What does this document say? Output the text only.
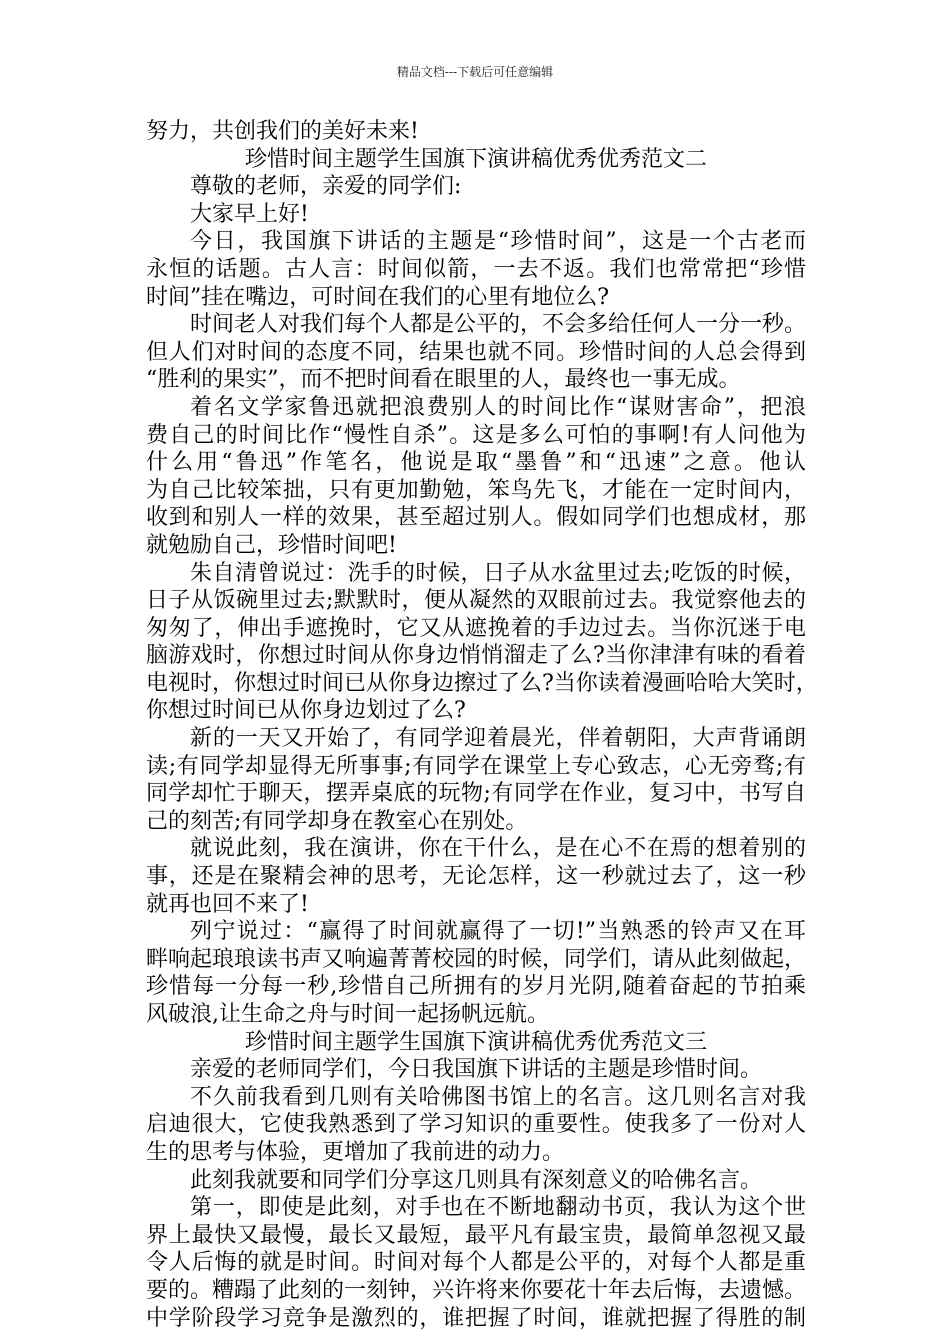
精品文档---下载后可任意编辑
努力，共创我们的美好未来!
珍惜时间主题学生国旗下演讲稿优秀优秀范文二
尊敬的老师，亲爱的同学们:
大家早上好!
今日，我国旗下讲话的主题是“珍惜时间”，这是一个古老而
永恒的话题。古人言：时间似箭，一去不返。我们也常常把“珍惜
时间”挂在嘴边，可时间在我们的心里有地位么?
时间老人对我们每个人都是公平的，不会多给任何人一分一秒。
但人们对时间的态度不同，结果也就不同。珍惜时间的人总会得到
“胜利的果实”，而不把时间看在眼里的人，最终也一事无成。
着名文学家鲁迅就把浪费别人的时间比作“谋财害命”，把浪
费自己的时间比作“慢性自杀”。这是多么可怕的事啊!有人问他为
什么用“鲁迅”作笔名，他说是取“墨鲁”和“迅速”之意。他认
为自己比较笨拙，只有更加勤勉，笨鸟先飞，才能在一定时间内，
收到和别人一样的效果，甚至超过别人。假如同学们也想成材，那
就勉励自己，珍惜时间吧!
朱自清曾说过：洗手的时候，日子从水盆里过去;吃饭的时候，
日子从饭碗里过去;默默时，便从凝然的双眼前过去。我觉察他去的
匆匆了，伸出手遮挽时，它又从遮挽着的手边过去。当你沉迷于电
脑游戏时，你想过时间从你身边悄悄溜走了么?当你津津有味的看着
电视时，你想过时间已从你身边擦过了么?当你读着漫画哈哈大笑时，
你想过时间已从你身边划过了么?
新的一天又开始了，有同学迎着晨光，伴着朝阳，大声背诵朗
读;有同学却显得无所事事;有同学在课堂上专心致志，心无旁骛;有
同学却忙于聊天，摆弄桌底的玩物;有同学在作业，复习中，书写自
己的刻苦;有同学却身在教室心在别处。
就说此刻，我在演讲，你在干什么，是在心不在焉的想着别的
事，还是在聚精会神的思考，无论怎样，这一秒就过去了，这一秒
就再也回不来了!
列宁说过：“赢得了时间就赢得了一切!”当熟悉的铃声又在耳
畔响起琅琅读书声又响遍菁菁校园的时候，同学们，请从此刻做起，
珍惜每一分每一秒,珍惜自己所拥有的岁月光阴,随着奋起的节拍乘
风破浪,让生命之舟与时间一起扬帆远航。
珍惜时间主题学生国旗下演讲稿优秀优秀范文三
亲爱的老师同学们，今日我国旗下讲话的主题是珍惜时间。
不久前我看到几则有关哈佛图书馆上的名言。这几则名言对我
启迪很大，它使我熟悉到了学习知识的重要性。使我多了一份对人
生的思考与体验，更增加了我前进的动力。
此刻我就要和同学们分享这几则具有深刻意义的哈佛名言。
第一，即使是此刻，对手也在不断地翻动书页，我认为这个世
界上最快又最慢，最长又最短，最平凡有最宝贵，最简单忽视又最
令人后悔的就是时间。时间对每个人都是公平的，对每个人都是重
要的。糟蹋了此刻的一刻钟，兴许将来你要花十年去后悔，去遗憾。
中学阶段学习竞争是激烈的，谁把握了时间，谁就把握了得胜的制
